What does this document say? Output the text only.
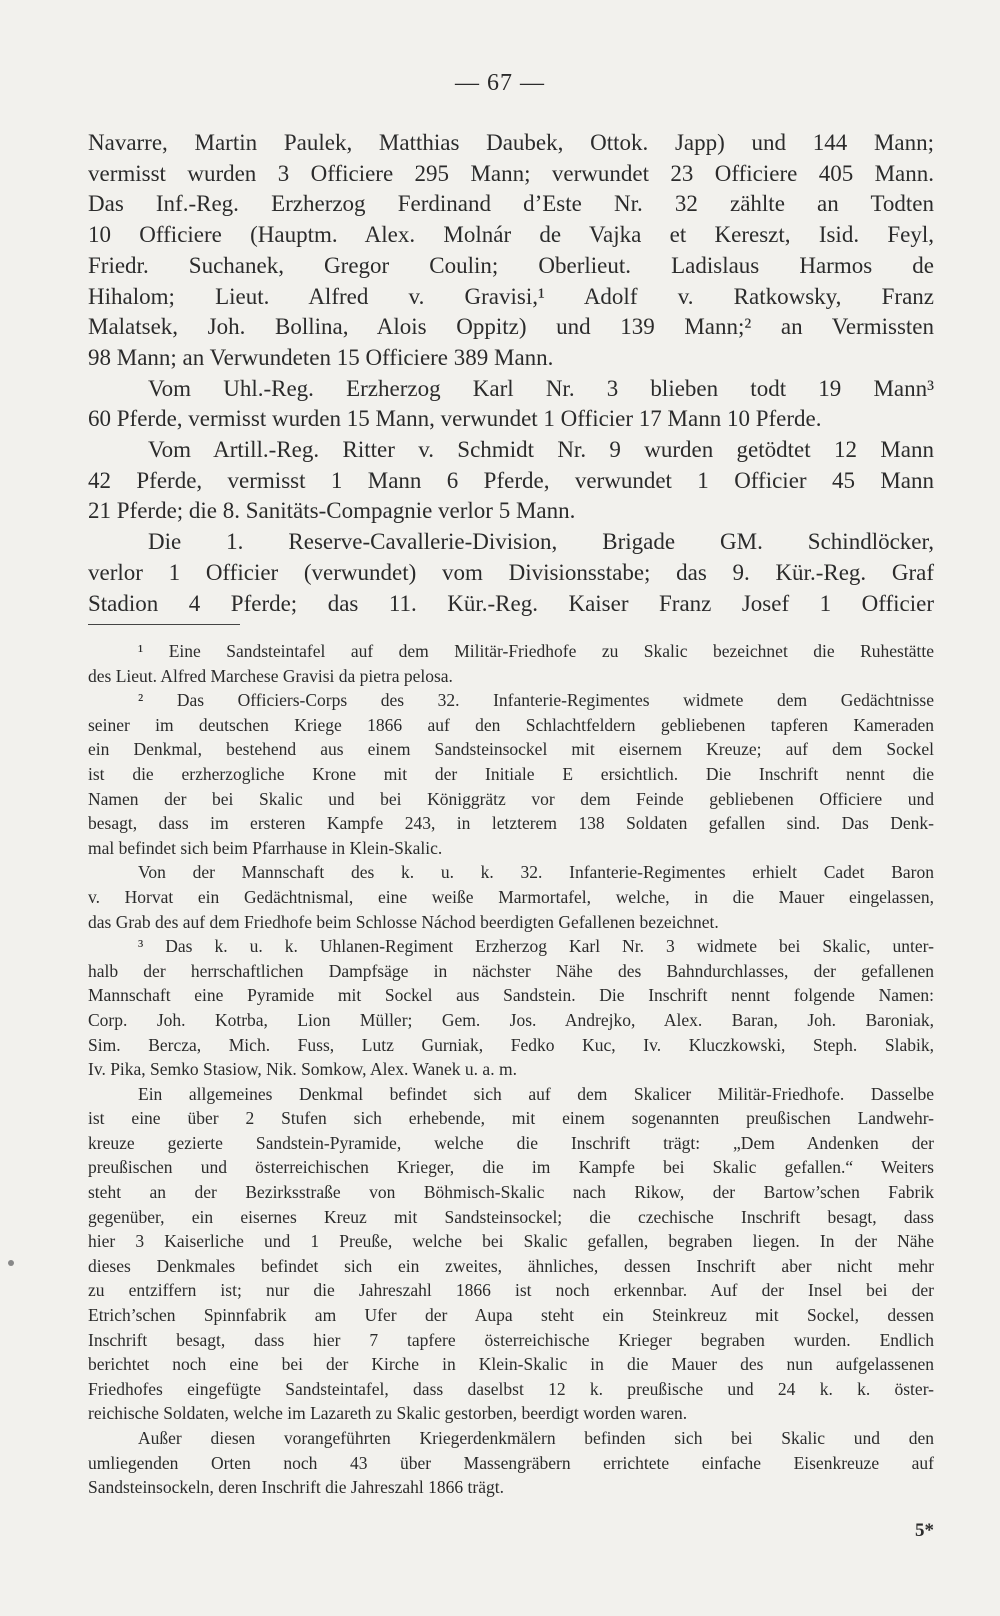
— 67 —

Navarre, Martin Paulek, Matthias Daubek, Ottok. Japp) und 144 Mann;

vermisst wurden 3 Officiere 295 Mann; verwundet 23 Officiere 405 Mann.

Das Inf.-Reg. Erzherzog Ferdinand d’Este Nr. 32 zählte an Todten

10 Officiere (Hauptm. Alex. Molnár de Vajka et Kereszt, Isid. Feyl,

Friedr. Suchanek, Gregor Coulin; Oberlieut. Ladislaus Harmos de

Hihalom; Lieut. Alfred v. Gravisi,¹ Adolf v. Ratkowsky, Franz

Malatsek, Joh. Bollina, Alois Oppitz) und 139 Mann;² an Vermissten

98 Mann; an Verwundeten 15 Officiere 389 Mann.

Vom Uhl.-Reg. Erzherzog Karl Nr. 3 blieben todt 19 Mann³

60 Pferde, vermisst wurden 15 Mann, verwundet 1 Officier 17 Mann 10 Pferde.

Vom Artill.-Reg. Ritter v. Schmidt Nr. 9 wurden getödtet 12 Mann

42 Pferde, vermisst 1 Mann 6 Pferde, verwundet 1 Officier 45 Mann

21 Pferde; die 8. Sanitäts-Compagnie verlor 5 Mann.

Die 1. Reserve-Cavallerie-Division, Brigade GM. Schindlöcker,

verlor 1 Officier (verwundet) vom Divisionsstabe; das 9. Kür.-Reg. Graf

Stadion 4 Pferde; das 11. Kür.-Reg. Kaiser Franz Josef 1 Officier

¹ Eine Sandsteintafel auf dem Militär-Friedhofe zu Skalic bezeichnet die Ruhestätte

des Lieut. Alfred Marchese Gravisi da pietra pelosa.

² Das Officiers-Corps des 32. Infanterie-Regimentes widmete dem Gedächtnisse

seiner im deutschen Kriege 1866 auf den Schlachtfeldern gebliebenen tapferen Kameraden

ein Denkmal, bestehend aus einem Sandsteinsockel mit eisernem Kreuze; auf dem Sockel

ist die erzherzogliche Krone mit der Initiale E ersichtlich. Die Inschrift nennt die

Namen der bei Skalic und bei Königgrätz vor dem Feinde gebliebenen Officiere und

besagt, dass im ersteren Kampfe 243, in letzterem 138 Soldaten gefallen sind. Das Denk-

mal befindet sich beim Pfarrhause in Klein-Skalic.

Von der Mannschaft des k. u. k. 32. Infanterie-Regimentes erhielt Cadet Baron

v. Horvat ein Gedächtnismal, eine weiße Marmortafel, welche, in die Mauer eingelassen,

das Grab des auf dem Friedhofe beim Schlosse Náchod beerdigten Gefallenen bezeichnet.

³ Das k. u. k. Uhlanen-Regiment Erzherzog Karl Nr. 3 widmete bei Skalic, unter-

halb der herrschaftlichen Dampfsäge in nächster Nähe des Bahndurchlasses, der gefallenen

Mannschaft eine Pyramide mit Sockel aus Sandstein. Die Inschrift nennt folgende Namen:

Corp. Joh. Kotrba, Lion Müller; Gem. Jos. Andrejko, Alex. Baran, Joh. Baroniak,

Sim. Bercza, Mich. Fuss, Lutz Gurniak, Fedko Kuc, Iv. Kluczkowski, Steph. Slabik,

Iv. Pika, Semko Stasiow, Nik. Somkow, Alex. Wanek u. a. m.

Ein allgemeines Denkmal befindet sich auf dem Skalicer Militär-Friedhofe. Dasselbe

ist eine über 2 Stufen sich erhebende, mit einem sogenannten preußischen Landwehr-

kreuze gezierte Sandstein-Pyramide, welche die Inschrift trägt: „Dem Andenken der

preußischen und österreichischen Krieger, die im Kampfe bei Skalic gefallen.“ Weiters

steht an der Bezirksstraße von Böhmisch-Skalic nach Rikow, der Bartow’schen Fabrik

gegenüber, ein eisernes Kreuz mit Sandsteinsockel; die czechische Inschrift besagt, dass

hier 3 Kaiserliche und 1 Preuße, welche bei Skalic gefallen, begraben liegen. In der Nähe

dieses Denkmales befindet sich ein zweites, ähnliches, dessen Inschrift aber nicht mehr

zu entziffern ist; nur die Jahreszahl 1866 ist noch erkennbar. Auf der Insel bei der

Etrich’schen Spinnfabrik am Ufer der Aupa steht ein Steinkreuz mit Sockel, dessen

Inschrift besagt, dass hier 7 tapfere österreichische Krieger begraben wurden. Endlich

berichtet noch eine bei der Kirche in Klein-Skalic in die Mauer des nun aufgelassenen

Friedhofes eingefügte Sandsteintafel, dass daselbst 12 k. preußische und 24 k. k. öster-

reichische Soldaten, welche im Lazareth zu Skalic gestorben, beerdigt worden waren.

Außer diesen vorangeführten Kriegerdenkmälern befinden sich bei Skalic und den

umliegenden Orten noch 43 über Massengräbern errichtete einfache Eisenkreuze auf

Sandsteinsockeln, deren Inschrift die Jahreszahl 1866 trägt.

5*
